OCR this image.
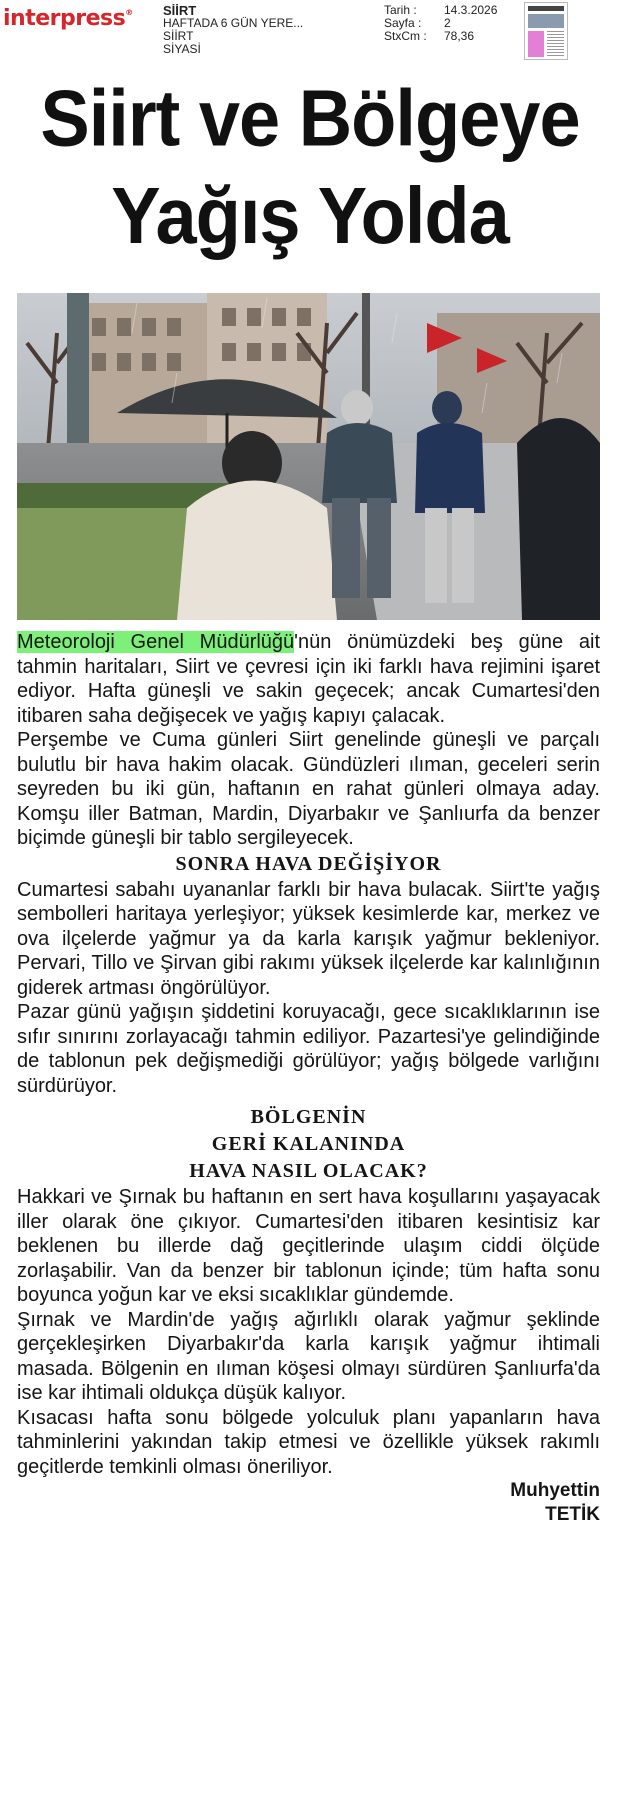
interpress® SİİRT
HAFTADA 6 GÜN YERE...
SİİRT
SİYASİ
Tarih :	14.3.2026
Sayfa :	2
StxCm :	78,36
Siirt ve Bölgeye
Yağış Yolda

Meteoroloji Genel Müdürlüğü'nün önümüzdeki beş güne ait tahmin haritaları, Siirt ve çevresi için iki farklı hava rejimini işaret ediyor. Hafta güneşli ve sakin geçecek; ancak Cumartesi'den itibaren saha değişecek ve yağış kapıyı çalacak.

Perşembe ve Cuma günleri Siirt genelinde güneşli ve parçalı bulutlu bir hava hakim olacak. Gündüzleri ılıman, geceleri serin seyreden bu iki gün, haftanın en rahat günleri olmaya aday. Komşu iller Batman, Mardin, Diyarbakır ve Şanlıurfa da benzer biçimde güneşli bir tablo sergileyecek.

SONRA HAVA DEĞİŞİYOR

Cumartesi sabahı uyananlar farklı bir hava bulacak. Siirt'te yağış sembolleri haritaya yerleşiyor; yüksek kesimlerde kar, merkez ve ova ilçelerde yağmur ya da karla karışık yağmur bekleniyor. Pervari, Tillo ve Şirvan gibi rakımı yüksek ilçelerde kar kalınlığının giderek artması öngörülüyor.

Pazar günü yağışın şiddetini koruyacağı, gece sıcaklıklarının ise sıfır sınırını zorlayacağı tahmin ediliyor. Pazartesi'ye gelindiğinde de tablonun pek değişmediği görülüyor; yağış bölgede varlığını sürdürüyor.

BÖLGENİN

GERİ KALANINDA

HAVA NASIL OLACAK?

Hakkari ve Şırnak bu haftanın en sert hava koşullarını yaşayacak iller olarak öne çıkıyor. Cumartesi'den itibaren kesintisiz kar beklenen bu illerde dağ geçitlerinde ulaşım ciddi ölçüde zorlaşabilir. Van da benzer bir tablonun içinde; tüm hafta sonu boyunca yoğun kar ve eksi sıcaklıklar gündemde.

Şırnak ve Mardin'de yağış ağırlıklı olarak yağmur şeklinde gerçekleşirken Diyarbakır'da karla karışık yağmur ihtimali masada. Bölgenin en ılıman köşesi olmayı sürdüren Şanlıurfa'da ise kar ihtimali oldukça düşük kalıyor.

Kısacası hafta sonu bölgede yolculuk planı yapanların hava tahminlerini yakından takip etmesi ve özellikle yüksek rakımlı geçitlerde temkinli olması öneriliyor.

Muhyettin
TETİK
